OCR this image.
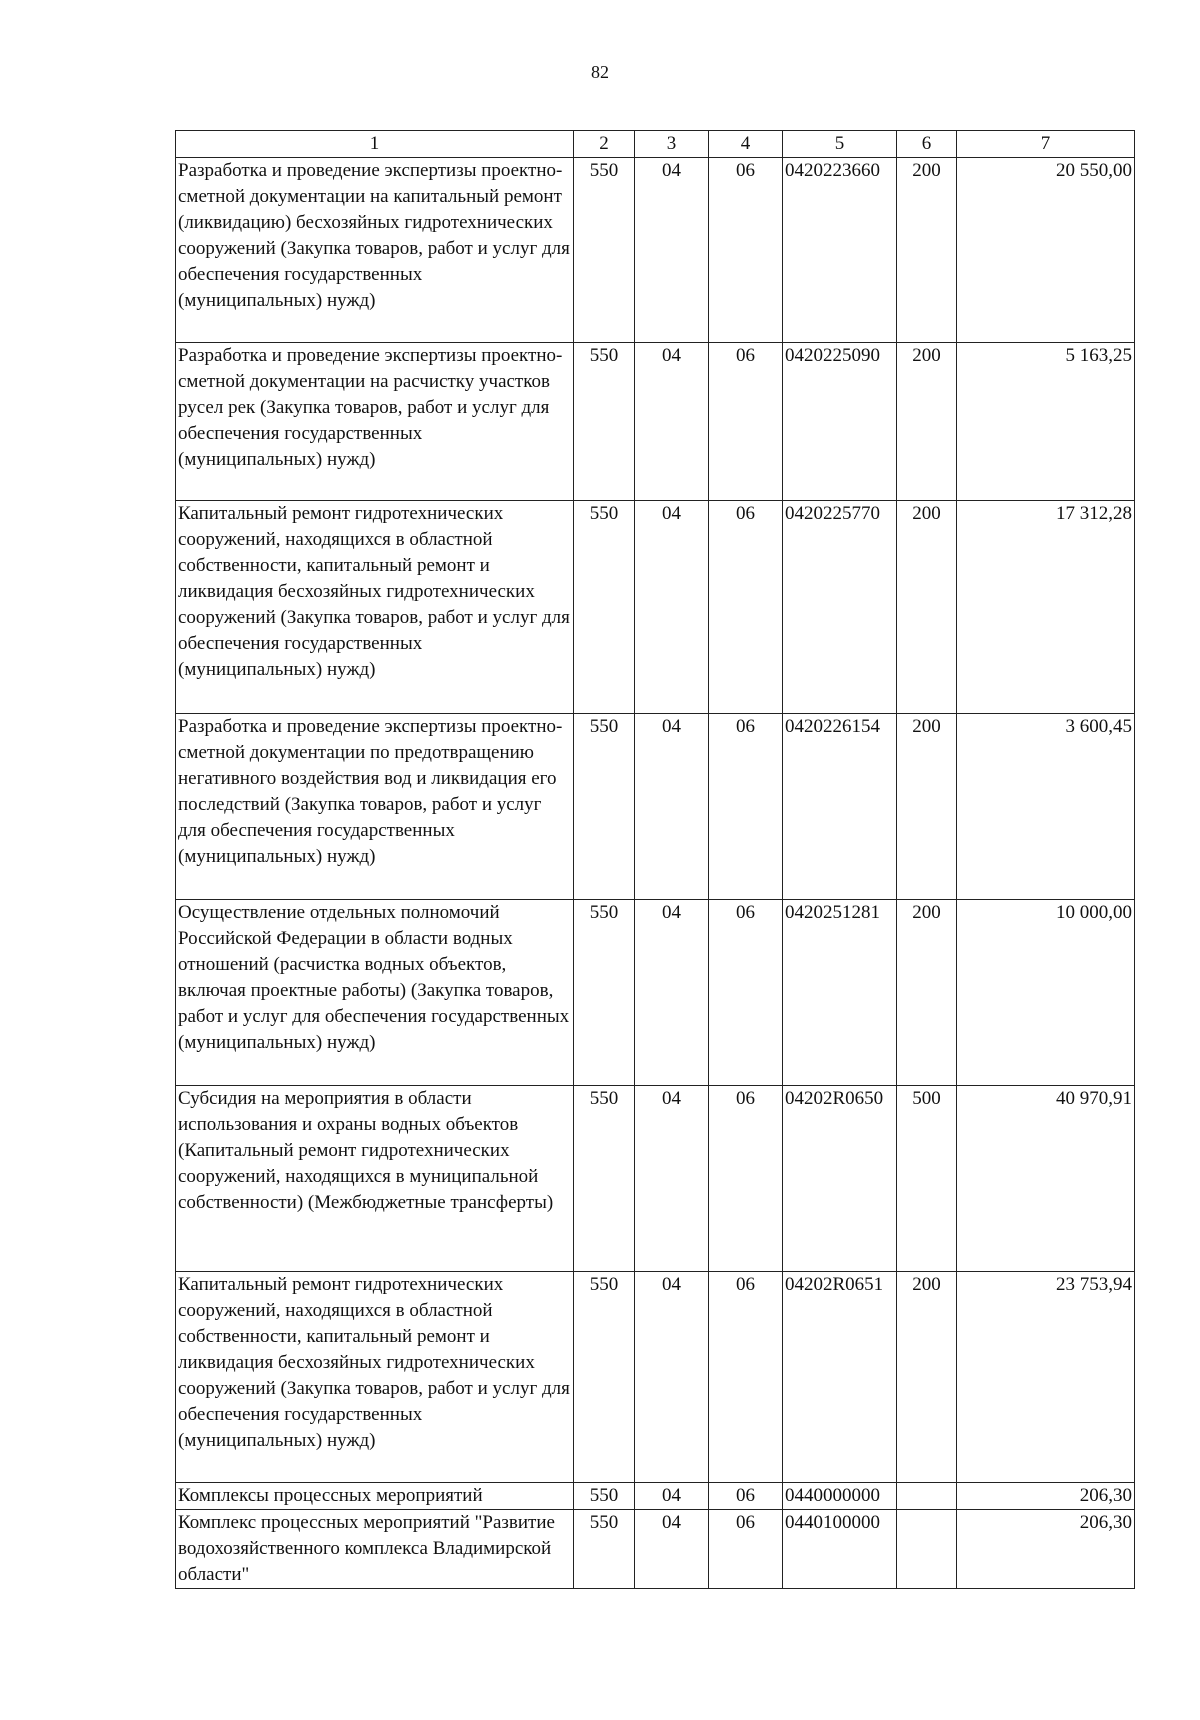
82
1	2	3	4	5	6	7
Разработка и проведение экспертизы проектно-сметной документации на капитальный ремонт (ликвидацию) бесхозяйных гидротехнических сооружений (Закупка товаров, работ и услуг для обеспечения государственных (муниципальных) нужд)	550	04	06	0420223660	200	20 550,00
Разработка и проведение экспертизы проектно-сметной документации на расчистку участков русел рек (Закупка товаров, работ и услуг для обеспечения государственных (муниципальных) нужд)	550	04	06	0420225090	200	5 163,25
Капитальный ремонт гидротехнических сооружений, находящихся в областной собственности, капитальный ремонт и ликвидация бесхозяйных гидротехнических сооружений (Закупка товаров, работ и услуг для обеспечения государственных (муниципальных) нужд)	550	04	06	0420225770	200	17 312,28
Разработка и проведение экспертизы проектно-сметной документации по предотвращению негативного воздействия вод и ликвидация его последствий (Закупка товаров, работ и услуг для обеспечения государственных (муниципальных) нужд)	550	04	06	0420226154	200	3 600,45
Осуществление отдельных полномочий Российской Федерации в области водных отношений (расчистка водных объектов, включая проектные работы) (Закупка товаров, работ и услуг для обеспечения государственных (муниципальных) нужд)	550	04	06	0420251281	200	10 000,00
Субсидия на мероприятия в области использования и охраны водных объектов (Капитальный ремонт гидротехнических сооружений, находящихся в муниципальной собственности) (Межбюджетные трансферты)	550	04	06	04202R0650	500	40 970,91
Капитальный ремонт гидротехнических сооружений, находящихся в областной собственности, капитальный ремонт и ликвидация бесхозяйных гидротехнических сооружений (Закупка товаров, работ и услуг для обеспечения государственных (муниципальных) нужд)	550	04	06	04202R0651	200	23 753,94
Комплексы процессных мероприятий	550	04	06	0440000000		206,30
Комплекс процессных мероприятий "Развитие водохозяйственного комплекса Владимирской области"	550	04	06	0440100000		206,30
